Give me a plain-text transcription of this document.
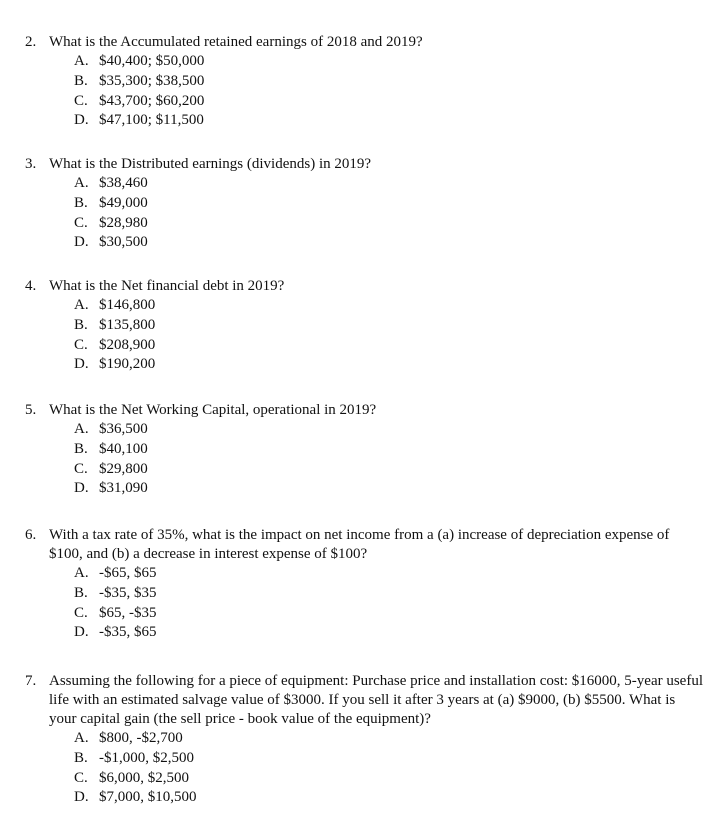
2. What is the Accumulated retained earnings of 2018 and 2019?
A. $40,400; $50,000
B. $35,300; $38,500
C. $43,700; $60,200
D. $47,100; $11,500
3. What is the Distributed earnings (dividends) in 2019?
A. $38,460
B. $49,000
C. $28,980
D. $30,500
4. What is the Net financial debt in 2019?
A. $146,800
B. $135,800
C. $208,900
D. $190,200
5. What is the Net Working Capital, operational in 2019?
A. $36,500
B. $40,100
C. $29,800
D. $31,090
6. With a tax rate of 35%, what is the impact on net income from a (a) increase of depreciation expense of $100, and (b) a decrease in interest expense of $100?
A. -$65, $65
B. -$35, $35
C. $65, -$35
D. -$35, $65
7. Assuming the following for a piece of equipment: Purchase price and installation cost: $16000, 5-year useful life with an estimated salvage value of $3000. If you sell it after 3 years at (a) $9000, (b) $5500. What is your capital gain (the sell price - book value of the equipment)?
A. $800, -$2,700
B. -$1,000, $2,500
C. $6,000, $2,500
D. $7,000, $10,500
